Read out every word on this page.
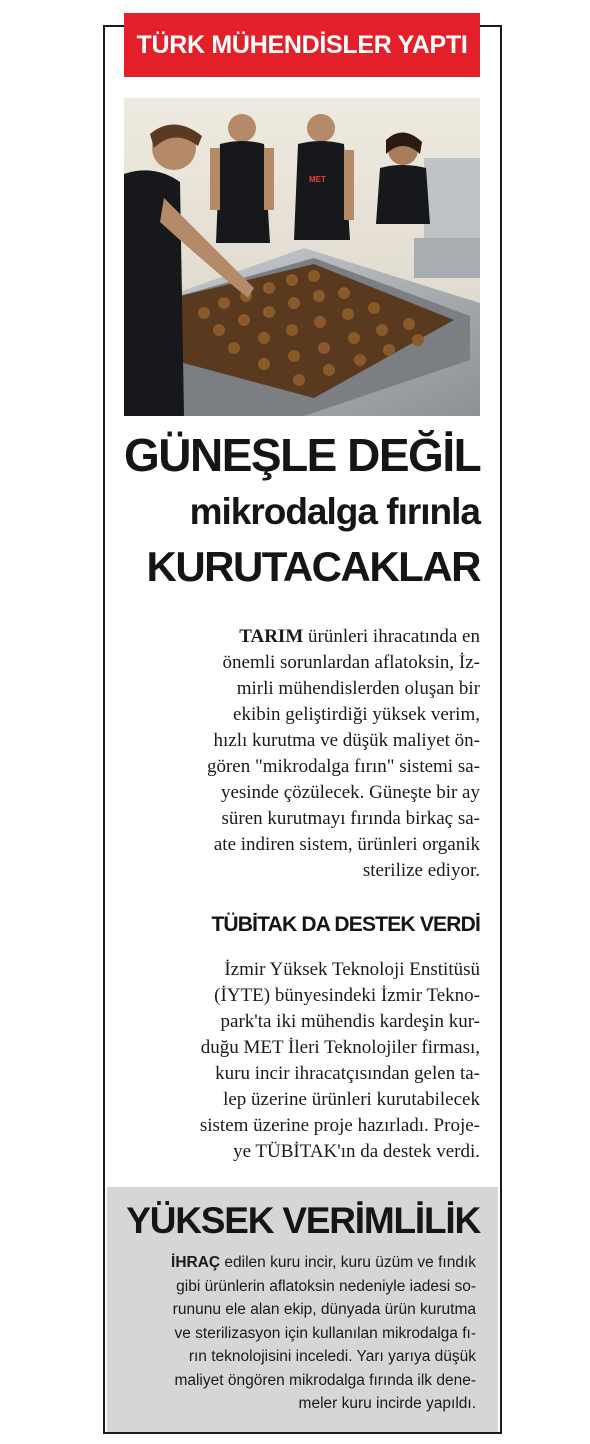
TÜRK MÜHENDİSLER YAPTI
MET
GÜNEŞLE DEĞİL
mikrodalga fırınla
KURUTACAKLAR
TARIM ürünleri ihracatında en
önemli sorunlardan aflatoksin, İz-
mirli mühendislerden oluşan bir
ekibin geliştirdiği yüksek verim,
hızlı kurutma ve düşük maliyet ön-
gören "mikrodalga fırın" sistemi sa-
yesinde çözülecek. Güneşte bir ay
süren kurutmayı fırında birkaç sa-
ate indiren sistem, ürünleri organik
sterilize ediyor.
TÜBİTAK DA DESTEK VERDİ
İzmir Yüksek Teknoloji Enstitüsü
(İYTE) bünyesindeki İzmir Tekno-
park'ta iki mühendis kardeşin kur-
duğu MET İleri Teknolojiler firması,
kuru incir ihracatçısından gelen ta-
lep üzerine ürünleri kurutabilecek
sistem üzerine proje hazırladı. Proje-
ye TÜBİTAK'ın da destek verdi.
YÜKSEK VERİMLİLİK
İHRAÇ edilen kuru incir, kuru üzüm ve fındık
gibi ürünlerin aflatoksin nedeniyle iadesi so-
rununu ele alan ekip, dünyada ürün kurutma
ve sterilizasyon için kullanılan mikrodalga fı-
rın teknolojisini inceledi. Yarı yarıya düşük
maliyet öngören mikrodalga fırında ilk dene-
meler kuru incirde yapıldı.
